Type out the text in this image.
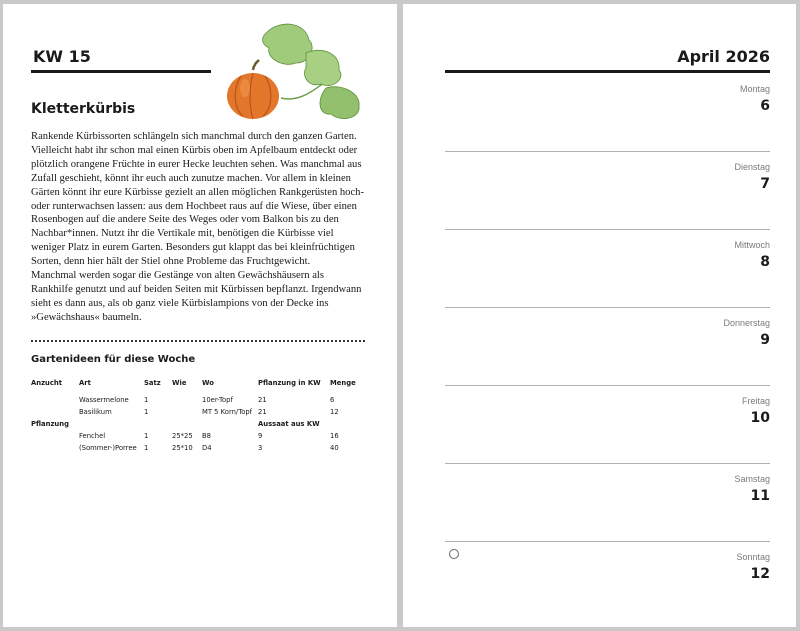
KW 15
Kletterkürbis

Rankende Kürbissorten schlängeln sich manchmal durch den ganzen Garten. Vielleicht habt ihr schon mal einen Kürbis oben im Apfelbaum entdeckt oder plötzlich orangene Früchte in eurer Hecke leuchten sehen. Was manchmal aus Zufall geschieht, könnt ihr euch auch zunutze machen. Vor allem in kleinen Gärten könnt ihr eure Kürbisse gezielt an allen möglichen Rankgerüsten hoch- oder runterwachsen lassen: aus dem Hochbeet raus auf die Wiese, über einen Rosenbogen auf die andere Seite des Weges oder vom Balkon bis zu den Nachbar*innen. Nutzt ihr die Vertikale mit, benötigen die Kürbisse viel weniger Platz in eurem Garten. Besonders gut klappt das bei kleinfrüchtigen Sorten, denn hier hält der Stiel ohne Probleme das Fruchtgewicht.

Manchmal werden sogar die Gestänge von alten Gewächshäusern als Rankhilfe genutzt und auf beiden Seiten mit Kürbissen bepflanzt. Irgendwann sieht es dann aus, als ob ganz viele Kürbislampions von der Decke ins »Gewächshaus« baumeln.

Gartenideen für diese Woche
Anzucht	Art	Satz	Wie	Wo	Pflanzung in KW	Menge
	Wassermelone	1		10er-Topf	21	6
	Basilikum	1		MT 5 Korn/Topf	21	12
Pflanzung					Aussaat aus KW	
	Fenchel	1	25*25	B8	9	16
	(Sommer-)Porree	1	25*10	D4	3	40
April 2026
Montag
6
Dienstag
7
Mittwoch
8
Donnerstag
9
Freitag
10
Samstag
11
Sonntag
12
